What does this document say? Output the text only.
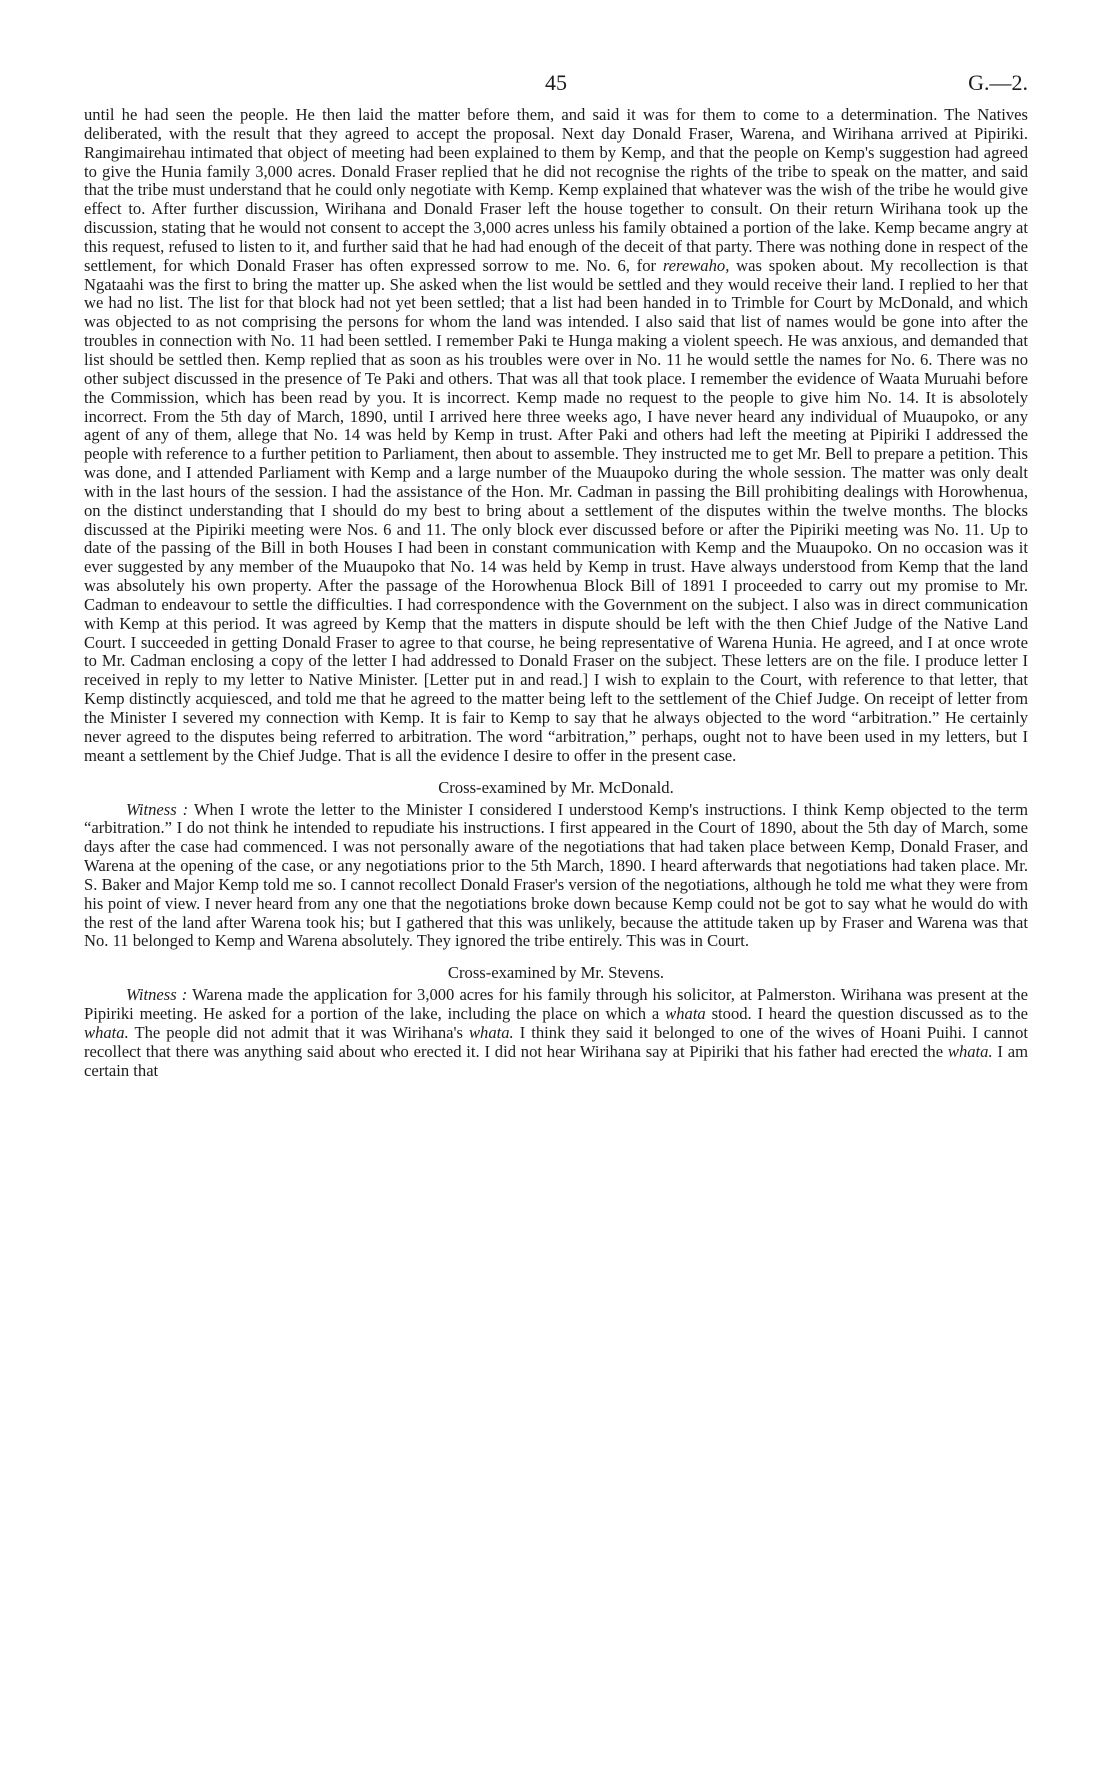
45	G.—2.

until he had seen the people. He then laid the matter before them, and said it was for them to come to a determination. The Natives deliberated, with the result that they agreed to accept the proposal. Next day Donald Fraser, Warena, and Wirihana arrived at Pipiriki. Rangimairehau intimated that object of meeting had been explained to them by Kemp, and that the people on Kemp's suggestion had agreed to give the Hunia family 3,000 acres. Donald Fraser replied that he did not recognise the rights of the tribe to speak on the matter, and said that the tribe must understand that he could only negotiate with Kemp. Kemp explained that whatever was the wish of the tribe he would give effect to. After further discussion, Wirihana and Donald Fraser left the house together to consult. On their return Wirihana took up the discussion, stating that he would not consent to accept the 3,000 acres unless his family obtained a portion of the lake. Kemp became angry at this request, refused to listen to it, and further said that he had had enough of the deceit of that party. There was nothing done in respect of the settlement, for which Donald Fraser has often expressed sorrow to me. No. 6, for rerewaho, was spoken about. My recollection is that Ngataahi was the first to bring the matter up. She asked when the list would be settled and they would receive their land. I replied to her that we had no list. The list for that block had not yet been settled; that a list had been handed in to Trimble for Court by McDonald, and which was objected to as not comprising the persons for whom the land was intended. I also said that list of names would be gone into after the troubles in connection with No. 11 had been settled. I remember Paki te Hunga making a violent speech. He was anxious, and demanded that list should be settled then. Kemp replied that as soon as his troubles were over in No. 11 he would settle the names for No. 6. There was no other subject discussed in the presence of Te Paki and others. That was all that took place. I remember the evidence of Waata Muruahi before the Commission, which has been read by you. It is incorrect. Kemp made no request to the people to give him No. 14. It is absolotely incorrect. From the 5th day of March, 1890, until I arrived here three weeks ago, I have never heard any individual of Muaupoko, or any agent of any of them, allege that No. 14 was held by Kemp in trust. After Paki and others had left the meeting at Pipiriki I addressed the people with reference to a further petition to Parliament, then about to assemble. They instructed me to get Mr. Bell to prepare a petition. This was done, and I attended Parliament with Kemp and a large number of the Muaupoko during the whole session. The matter was only dealt with in the last hours of the session. I had the assistance of the Hon. Mr. Cadman in passing the Bill prohibiting dealings with Horowhenua, on the distinct understanding that I should do my best to bring about a settlement of the disputes within the twelve months. The blocks discussed at the Pipiriki meeting were Nos. 6 and 11. The only block ever discussed before or after the Pipiriki meeting was No. 11. Up to date of the passing of the Bill in both Houses I had been in constant communication with Kemp and the Muaupoko. On no occasion was it ever suggested by any member of the Muaupoko that No. 14 was held by Kemp in trust. Have always understood from Kemp that the land was absolutely his own property. After the passage of the Horowhenua Block Bill of 1891 I proceeded to carry out my promise to Mr. Cadman to endeavour to settle the difficulties. I had correspondence with the Government on the subject. I also was in direct communication with Kemp at this period. It was agreed by Kemp that the matters in dispute should be left with the then Chief Judge of the Native Land Court. I succeeded in getting Donald Fraser to agree to that course, he being representative of Warena Hunia. He agreed, and I at once wrote to Mr. Cadman enclosing a copy of the letter I had addressed to Donald Fraser on the subject. These letters are on the file. I produce letter I received in reply to my letter to Native Minister. [Letter put in and read.] I wish to explain to the Court, with reference to that letter, that Kemp distinctly acquiesced, and told me that he agreed to the matter being left to the settlement of the Chief Judge. On receipt of letter from the Minister I severed my connection with Kemp. It is fair to Kemp to say that he always objected to the word “arbitration.” He certainly never agreed to the disputes being referred to arbitration. The word “arbitration,” perhaps, ought not to have been used in my letters, but I meant a settlement by the Chief Judge. That is all the evidence I desire to offer in the present case.

Cross-examined by Mr. McDonald.

Witness : When I wrote the letter to the Minister I considered I understood Kemp's instructions. I think Kemp objected to the term “arbitration.” I do not think he intended to repudiate his instructions. I first appeared in the Court of 1890, about the 5th day of March, some days after the case had commenced. I was not personally aware of the negotiations that had taken place between Kemp, Donald Fraser, and Warena at the opening of the case, or any negotiations prior to the 5th March, 1890. I heard afterwards that negotiations had taken place. Mr. S. Baker and Major Kemp told me so. I cannot recollect Donald Fraser's version of the negotiations, although he told me what they were from his point of view. I never heard from any one that the negotiations broke down because Kemp could not be got to say what he would do with the rest of the land after Warena took his; but I gathered that this was unlikely, because the attitude taken up by Fraser and Warena was that No. 11 belonged to Kemp and Warena absolutely. They ignored the tribe entirely. This was in Court.

Cross-examined by Mr. Stevens.

Witness : Warena made the application for 3,000 acres for his family through his solicitor, at Palmerston. Wirihana was present at the Pipiriki meeting. He asked for a portion of the lake, including the place on which a whata stood. I heard the question discussed as to the whata. The people did not admit that it was Wirihana's whata. I think they said it belonged to one of the wives of Hoani Puihi. I cannot recollect that there was anything said about who erected it. I did not hear Wirihana say at Pipiriki that his father had erected the whata. I am certain that
